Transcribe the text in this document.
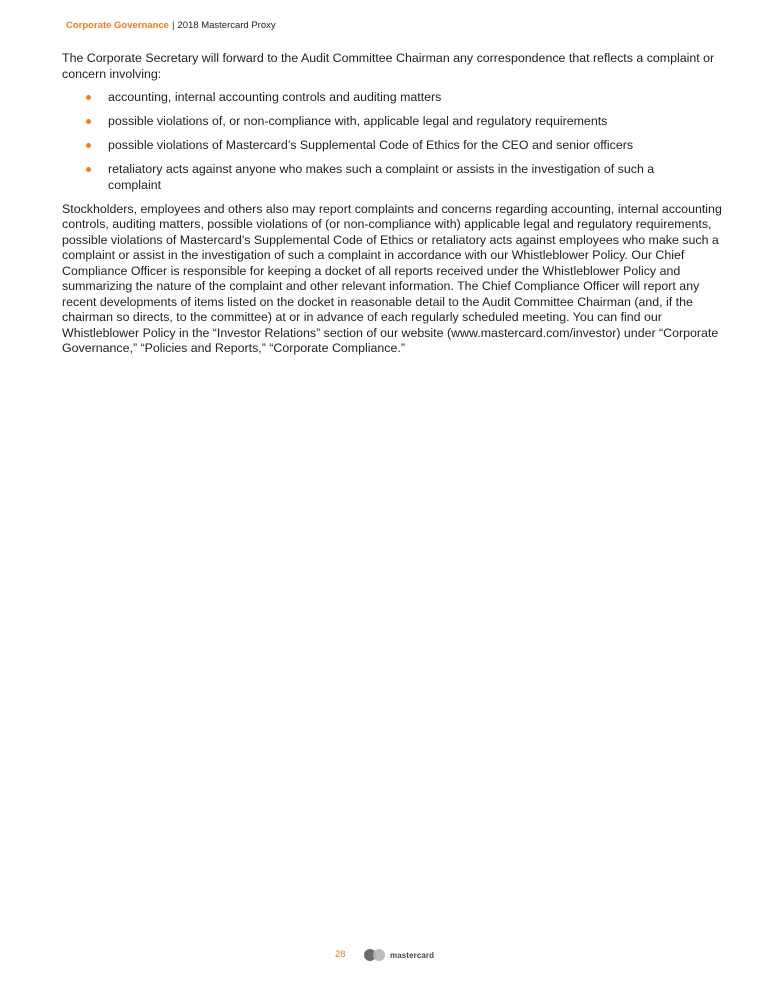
Corporate Governance | 2018 Mastercard Proxy

The Corporate Secretary will forward to the Audit Committee Chairman any correspondence that reflects a complaint or concern involving:

accounting, internal accounting controls and auditing matters
possible violations of, or non-compliance with, applicable legal and regulatory requirements
possible violations of Mastercard’s Supplemental Code of Ethics for the CEO and senior officers
retaliatory acts against anyone who makes such a complaint or assists in the investigation of such a complaint

Stockholders, employees and others also may report complaints and concerns regarding accounting, internal accounting controls, auditing matters, possible violations of (or non-compliance with) applicable legal and regulatory requirements, possible violations of Mastercard’s Supplemental Code of Ethics or retaliatory acts against employees who make such a complaint or assist in the investigation of such a complaint in accordance with our Whistleblower Policy. Our Chief Compliance Officer is responsible for keeping a docket of all reports received under the Whistleblower Policy and summarizing the nature of the complaint and other relevant information. The Chief Compliance Officer will report any recent developments of items listed on the docket in reasonable detail to the Audit Committee Chairman (and, if the chairman so directs, to the committee) at or in advance of each regularly scheduled meeting. You can find our Whistleblower Policy in the “Investor Relations” section of our website (www.mastercard.com/investor) under “Corporate Governance,” “Policies and Reports,” “Corporate Compliance.”

28	mastercard
